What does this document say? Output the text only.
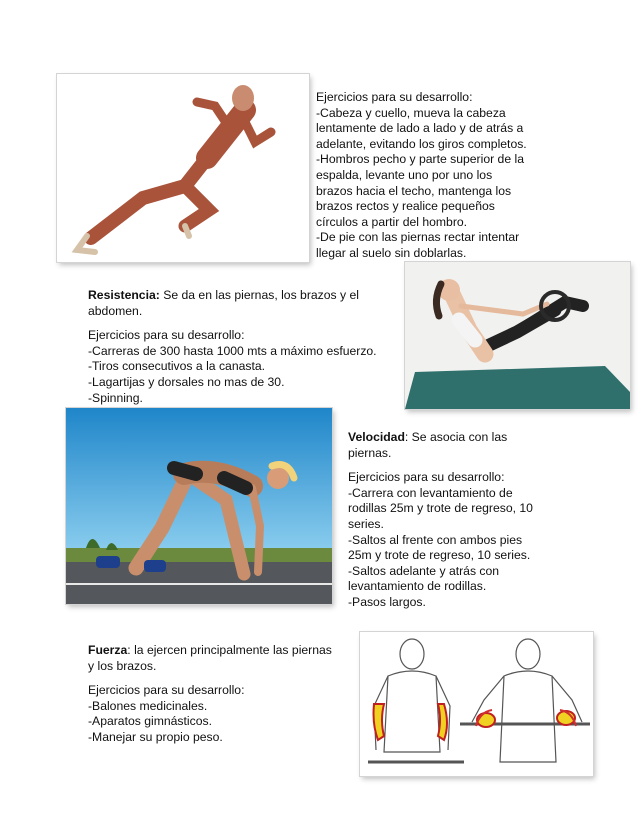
Ejercicios para su desarrollo:

-Cabeza y cuello, mueva la cabeza

lentamente de lado a lado y de atrás a

adelante, evitando los giros completos.

-Hombros pecho y parte superior de la

espalda, levante uno por uno los

brazos hacia el techo, mantenga los

brazos rectos y realice pequeños

círculos a partir del hombro.

-De pie con las piernas rectar intentar

llegar al suelo sin doblarlas.

Resistencia: Se da en las piernas, los brazos y el

abdomen.

Ejercicios para su desarrollo:

-Carreras de 300 hasta 1000 mts a máximo esfuerzo.

-Tiros consecutivos a la canasta.

-Lagartijas y dorsales no mas de 30.

-Spinning.

Velocidad: Se asocia con las

piernas.

Ejercicios para su desarrollo:

-Carrera con levantamiento de

rodillas 25m y trote de regreso, 10

series.

-Saltos al frente con ambos pies

25m y trote de regreso, 10 series.

-Saltos adelante y atrás con

levantamiento de rodillas.

-Pasos largos.

Fuerza: la ejercen principalmente las piernas

y los brazos.

Ejercicios para su desarrollo:

-Balones medicinales.

-Aparatos gimnásticos.

-Manejar su propio peso.
